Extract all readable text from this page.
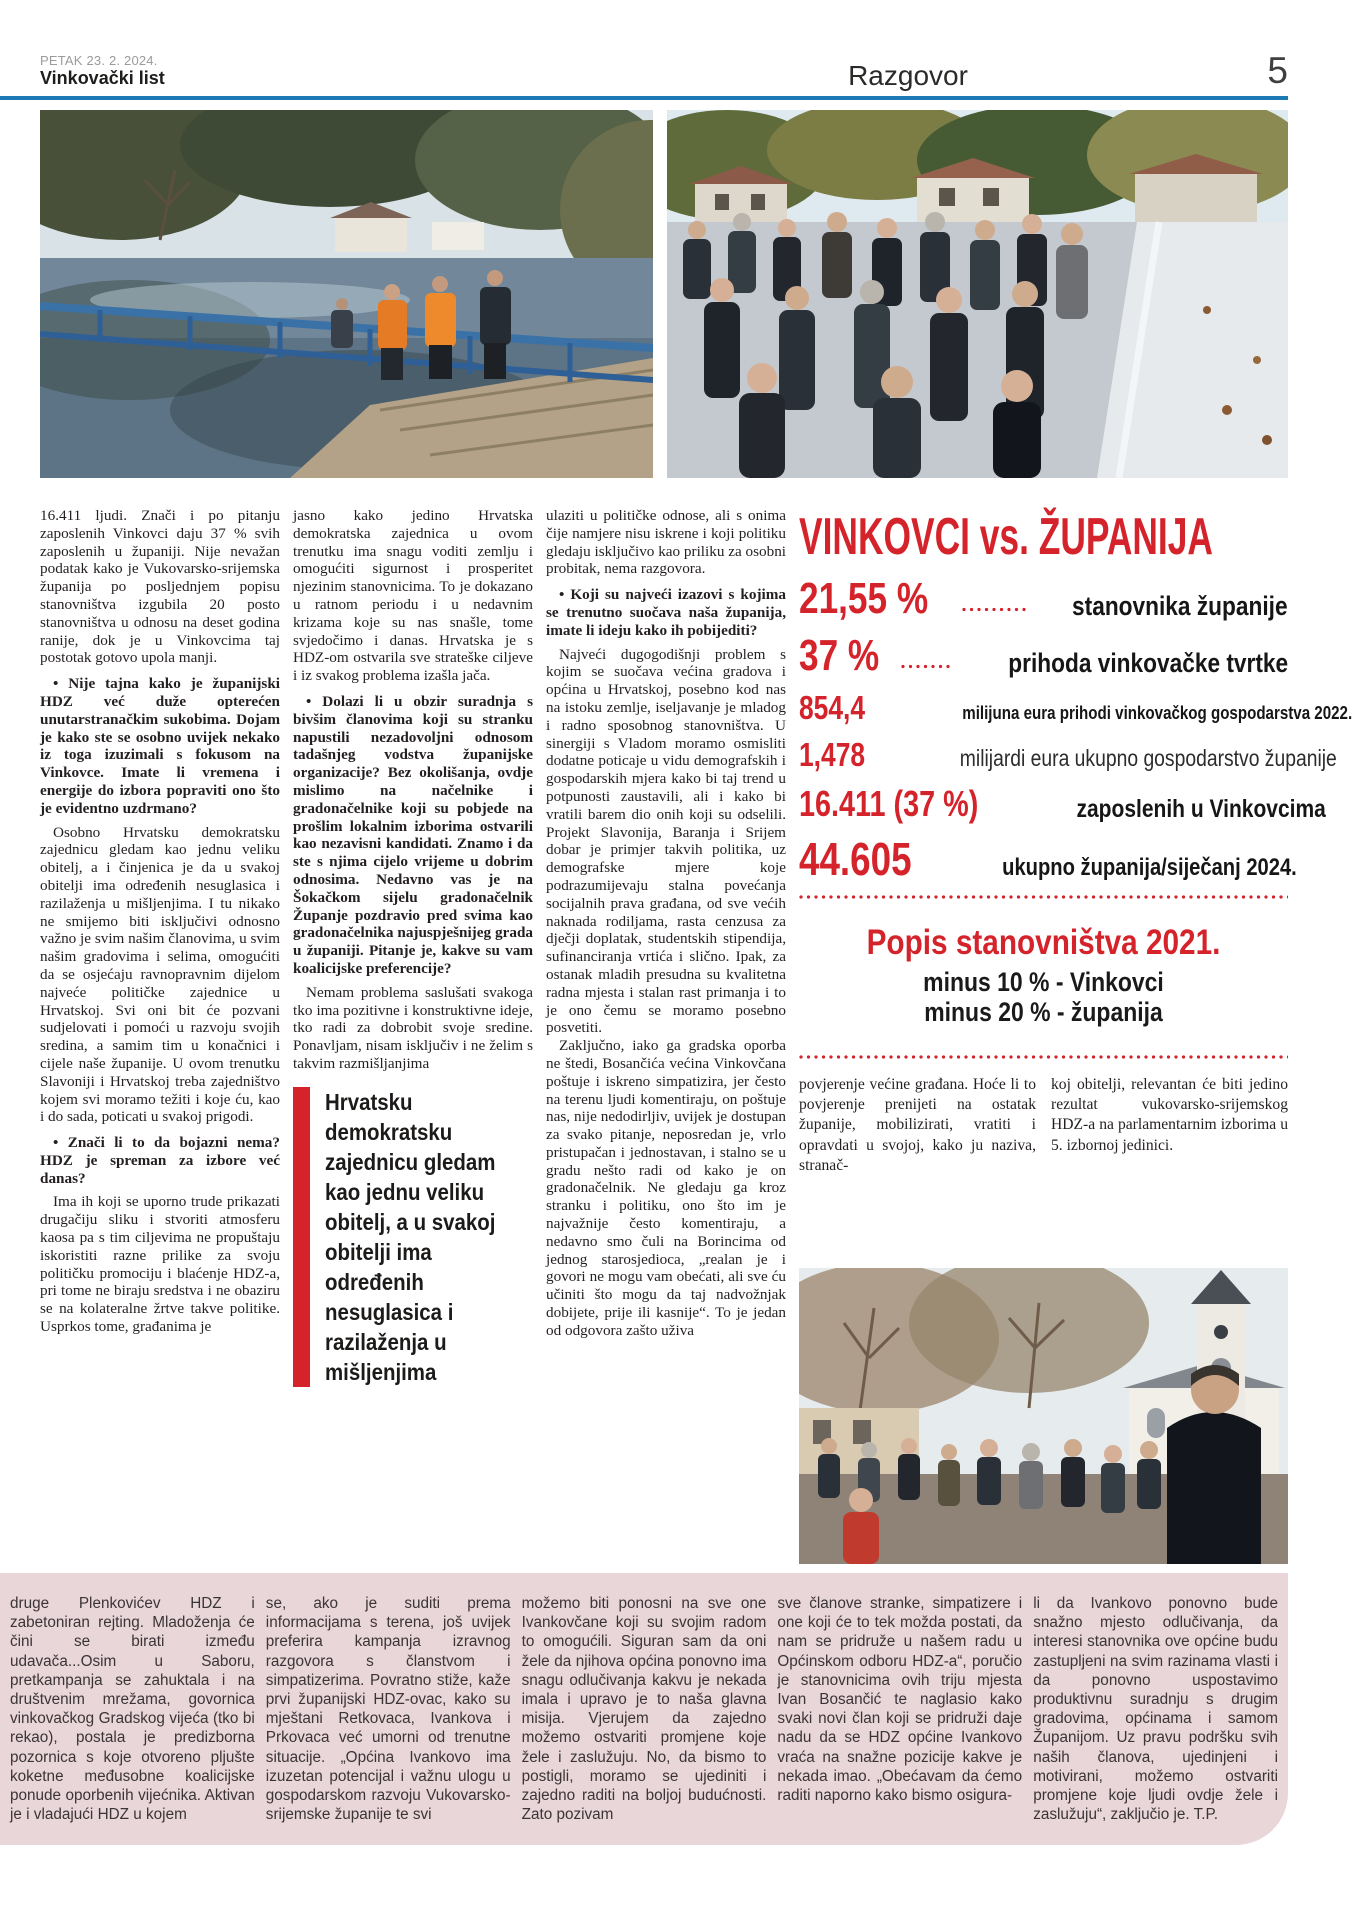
PETAK 23. 2. 2024.
Vinkovački list	Razgovor	5

16.411 ljudi. Znači i po pitanju zaposlenih Vinkovci daju 37 % svih zaposlenih u županiji. Nije nevažan podatak kako je Vukovarsko-srijemska županija po posljednjem popisu stanovništva izgubila 20 posto stanovništva u odnosu na deset godina ranije, dok je u Vinkovcima taj postotak gotovo upola manji.

• Nije tajna kako je županijski HDZ već duže opterećen unutarstranačkim sukobima. Dojam je kako ste se osobno uvijek nekako iz toga izuzimali s fokusom na Vinkovce. Imate li vremena i energije do izbora popraviti ono što je evidentno uzdrmano?

Osobno Hrvatsku demokratsku zajednicu gledam kao jednu veliku obitelj, a i činjenica je da u svakoj obitelji ima određenih nesuglasica i razilaženja u mišljenjima. I tu nikako ne smijemo biti isključivi odnosno važno je svim našim članovima, u svim našim gradovima i selima, omogućiti da se osjećaju ravnopravnim dijelom najveće političke zajednice u Hrvatskoj. Svi oni bit će pozvani sudjelovati i pomoći u razvoju svojih sredina, a samim tim u konačnici i cijele naše županije. U ovom trenutku Slavoniji i Hrvatskoj treba zajedništvo kojem svi moramo težiti i koje ću, kao i do sada, poticati u svakoj prigodi.

• Znači li to da bojazni nema? HDZ je spreman za izbore već danas?

Ima ih koji se uporno trude prikazati drugačiju sliku i stvoriti atmosferu kaosa pa s tim ciljevima ne propuštaju iskoristiti razne prilike za svoju političku promociju i blaćenje HDZ-a, pri tome ne biraju sredstva i ne obaziru se na kolateralne žrtve takve politike. Usprkos tome, građanima je

jasno kako jedino Hrvatska demokratska zajednica u ovom trenutku ima snagu voditi zemlju i omogućiti sigurnost i prosperitet njezinim stanovnicima. To je dokazano u ratnom periodu i u nedavnim krizama koje su nas snašle, tome svjedočimo i danas. Hrvatska je s HDZ-om ostvarila sve strateške ciljeve i iz svakog problema izašla jača.

• Dolazi li u obzir suradnja s bivšim članovima koji su stranku napustili nezadovoljni odnosom tadašnjeg vodstva županijske organizacije? Bez okolišanja, ovdje mislimo na načelnike i gradonačelnike koji su pobjede na prošlim lokalnim izborima ostvarili kao nezavisni kandidati. Znamo i da ste s njima cijelo vrijeme u dobrim odnosima. Nedavno vas je na Šokačkom sijelu gradonačelnik Županje pozdravio pred svima kao gradonačelnika najuspješnijeg grada u županiji. Pitanje je, kakve su vam koalicijske preferencije?

Nemam problema saslušati svakoga tko ima pozitivne i konstruktivne ideje, tko radi za dobrobit svoje sredine. Ponavljam, nisam isključiv i ne želim s takvim razmišljanjima

Hrvatsku demokratsku zajednicu gledam kao jednu veliku obitelj, a u svakoj obitelji ima određenih nesuglasica i razilaženja u mišljenjima

ulaziti u političke odnose, ali s onima čije namjere nisu iskrene i koji politiku gledaju isključivo kao priliku za osobni probitak, nema razgovora.

• Koji su najveći izazovi s kojima se trenutno suočava naša županija, imate li ideju kako ih pobijediti?

Najveći dugogodišnji problem s kojim se suočava većina gradova i općina u Hrvatskoj, posebno kod nas na istoku zemlje, iseljavanje je mladog i radno sposobnog stanovništva. U sinergiji s Vladom moramo osmisliti dodatne poticaje u vidu demografskih i gospodarskih mjera kako bi taj trend u potpunosti zaustavili, ali i kako bi vratili barem dio onih koji su odselili. Projekt Slavonija, Baranja i Srijem dobar je primjer takvih politika, uz demografske mjere koje podrazumijevaju stalna povećanja socijalnih prava građana, od sve većih naknada rodiljama, rasta cenzusa za dječji doplatak, studentskih stipendija, sufinanciranja vrtića i slično. Ipak, za ostanak mladih presudna su kvalitetna radna mjesta i stalan rast primanja i to je ono čemu se moramo posebno posvetiti.

Zaključno, iako ga gradska oporba ne štedi, Bosančića većina Vinkovčana poštuje i iskreno simpatizira, jer često na terenu ljudi komentiraju, on poštuje nas, nije nedodirljiv, uvijek je dostupan za svako pitanje, neposredan je, vrlo pristupačan i jednostavan, i stalno se u gradu nešto radi od kako je on gradonačelnik. Ne gledaju ga kroz stranku i politiku, ono što im je najvažnije često komentiraju, a nedavno smo čuli na Borincima od jednog starosjedioca, „realan je i govori ne mogu vam obećati, ali sve ću učiniti što mogu da taj nadvožnjak dobijete, prije ili kasnije“. To je jedan od odgovora zašto uživa

VINKOVCI vs. ŽUPANIJA
21,55 %	stanovnika županije
37 %	prihoda vinkovačke tvrtke
854,4	milijuna eura prihodi vinkovačkog gospodarstva 2022.
1,478	milijardi eura ukupno gospodarstvo županije
16.411 (37 %)	zaposlenih u Vinkovcima
44.605	ukupno županija/siječanj 2024.
Popis stanovništva 2021.
minus 10 % - Vinkovci
minus 20 % - županija
povjerenje većine građana. Hoće li to povjerenje prenijeti na ostatak županije, mobilizirati, vratiti i opravdati u svojoj, kako ju naziva, stranač-
koj obitelji, relevantan će biti jedino rezultat vukovarsko-srijemskog HDZ-a na parlamentarnim izborima u 5. izbornoj jedinici.
druge Plenkovićev HDZ i zabetoniran rejting. Mladoženja će čini se birati između udavača...Osim u Saboru, pretkampanja se zahuktala i na društvenim mrežama, govornica vinkovačkog Gradskog vijeća (tko bi rekao), postala je predizborna pozornica s koje otvoreno pljušte koketne međusobne koalicijske ponude oporbenih vijećnika. Aktivan je i vladajući HDZ u kojem
se, ako je suditi prema informacijama s terena, još uvijek preferira kampanja izravnog razgovora s članstvom i simpatizerima. Povratno stiže, kaže prvi županijski HDZ-ovac, kako su mještani Retkovaca, Ivankova i Prkovaca već umorni od trenutne situacije. „Općina Ivankovo ima izuzetan potencijal i važnu ulogu u gospodarskom razvoju Vukovarsko-srijemske županije te svi
možemo biti ponosni na sve one Ivankovčane koji su svojim radom to omogućili. Siguran sam da oni žele da njihova općina ponovno ima snagu odlučivanja kakvu je nekada imala i upravo je to naša glavna misija. Vjerujem da zajedno možemo ostvariti promjene koje žele i zaslužuju. No, da bismo to postigli, moramo se ujediniti i zajedno raditi na boljoj budućnosti. Zato pozivam
sve članove stranke, simpatizere i one koji će to tek možda postati, da nam se pridruže u našem radu u Općinskom odboru HDZ-a“, poručio je stanovnicima ovih triju mjesta Ivan Bosančić te naglasio kako svaki novi član koji se pridruži daje nadu da se HDZ općine Ivankovo vraća na snažne pozicije kakve je nekada imao. „Obećavam da ćemo raditi naporno kako bismo osigura-
li da Ivankovo ponovno bude snažno mjesto odlučivanja, da interesi stanovnika ove općine budu zastupljeni na svim razinama vlasti i da ponovno uspostavimo produktivnu suradnju s drugim gradovima, općinama i samom Županijom. Uz pravu podršku svih naših članova, ujedinjeni i motivirani, možemo ostvariti promjene koje ljudi ovdje žele i zaslužuju“, zaključio je. T.P.
